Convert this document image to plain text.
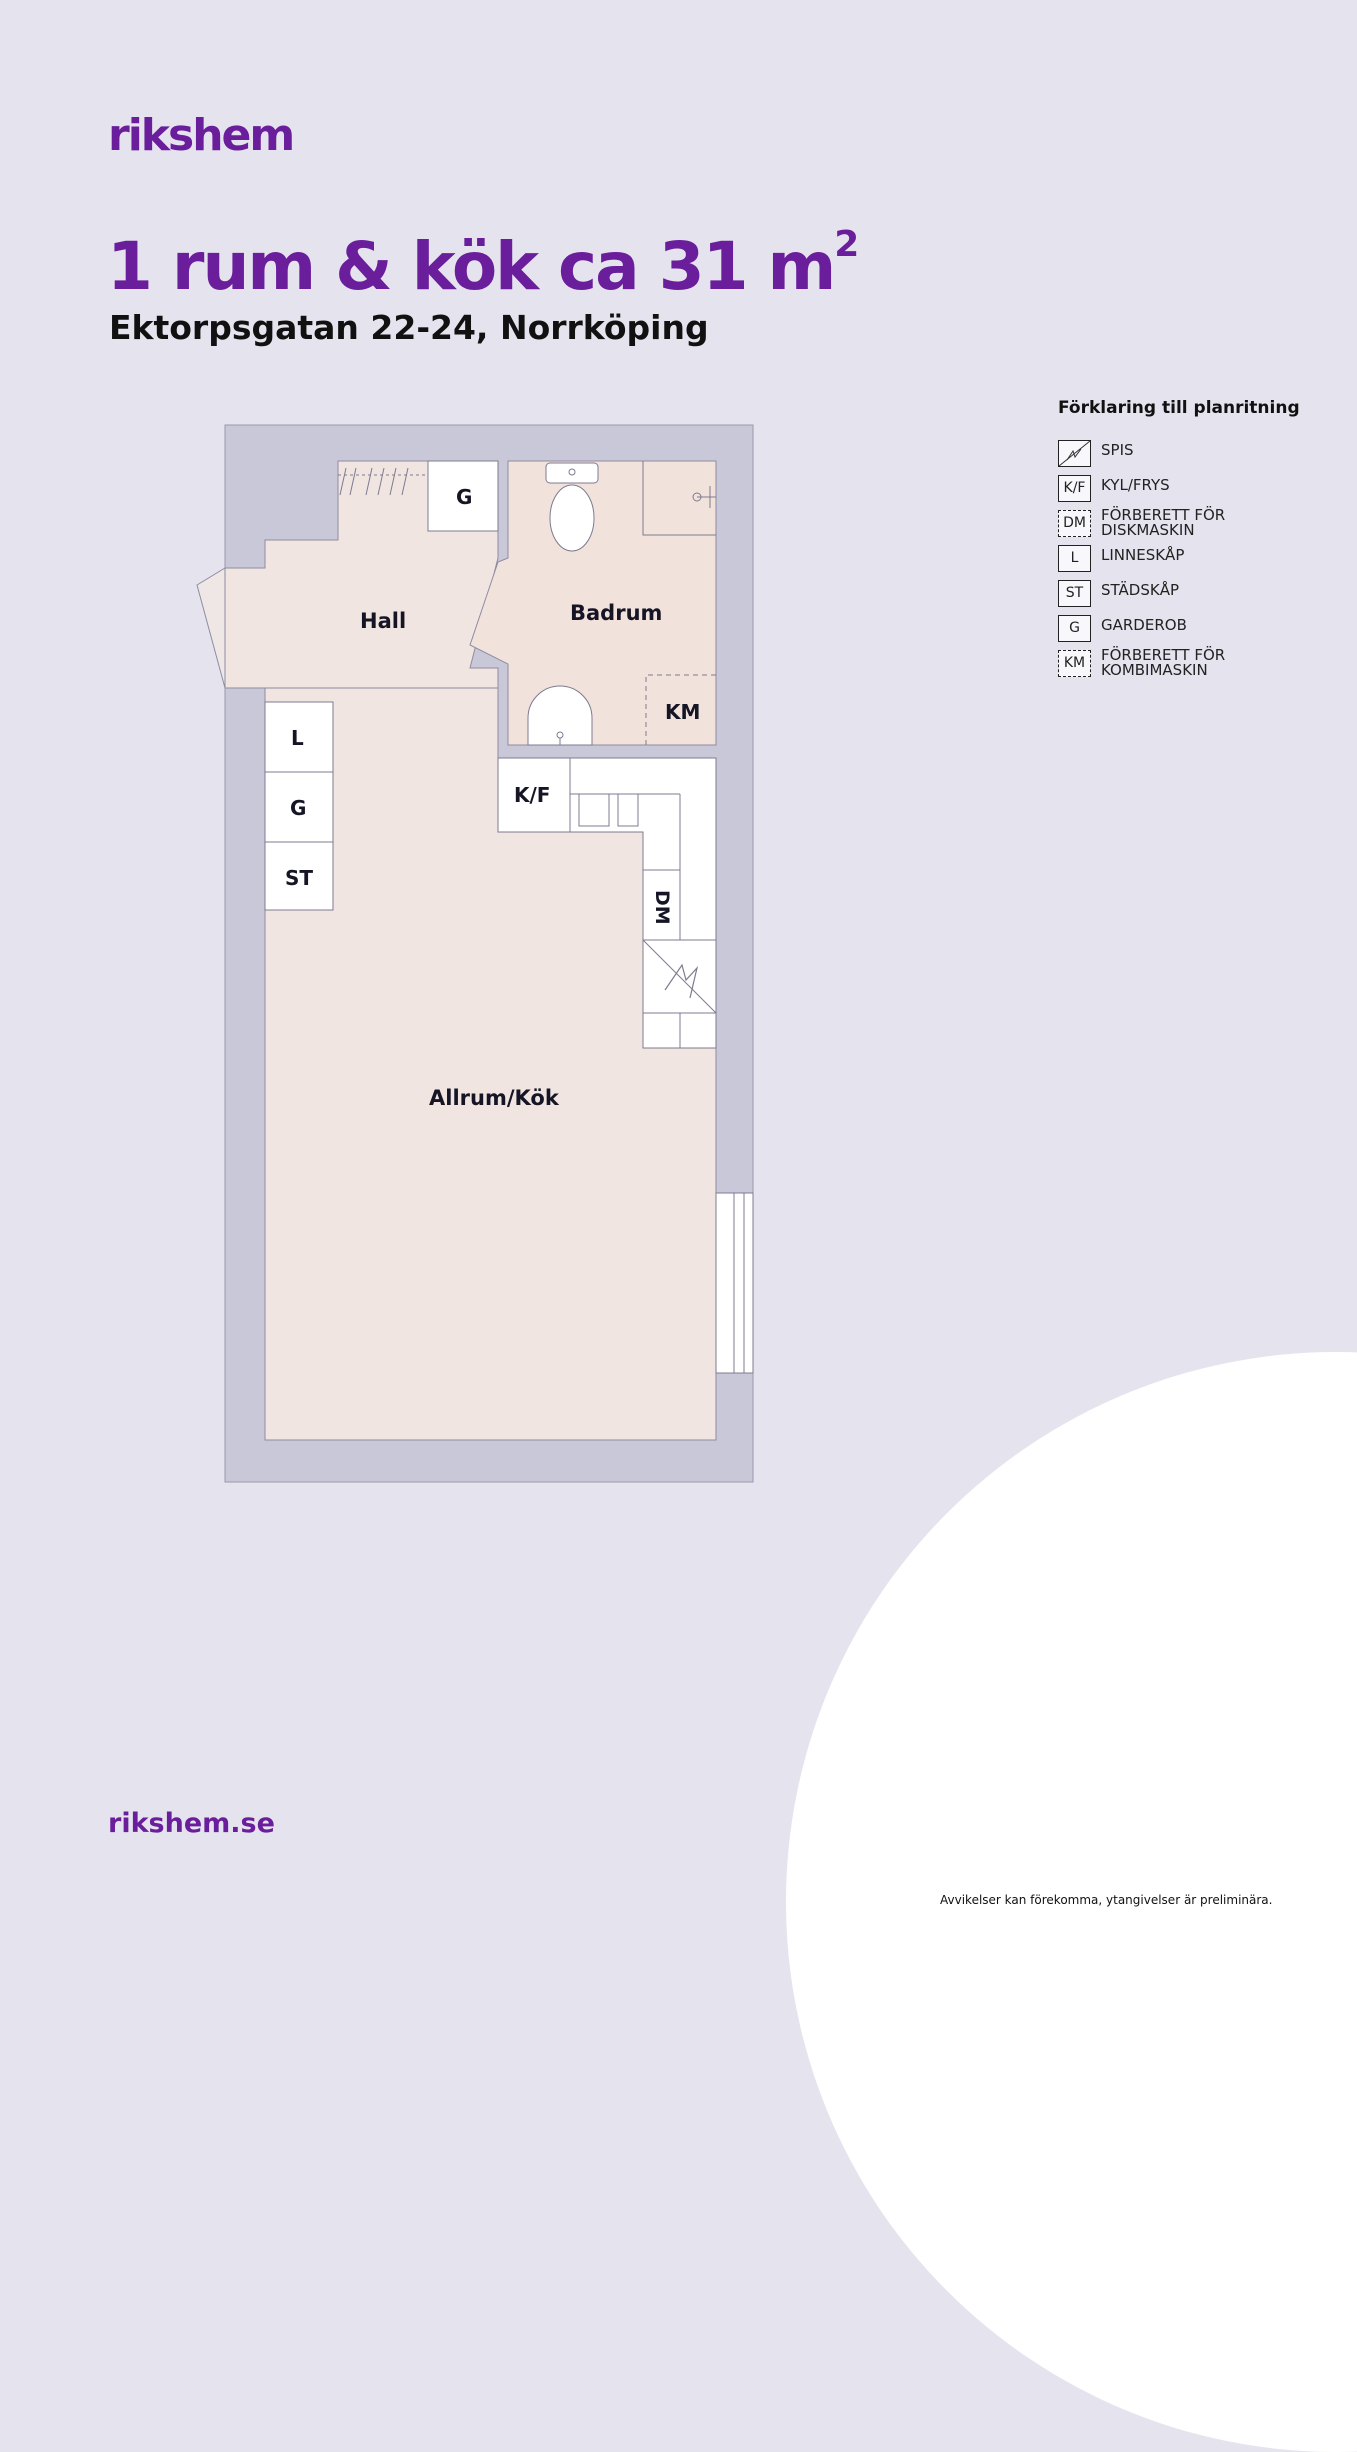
rikshem
1 rum & kök ca 31 $m^2$
Ektorpsgatan 22-24, Norrköping
Hall	Badrum
Allrum/Kök
G
L
G
ST
K/F
KM
DM
Förklaring till planritning
SPIS
K/F	KYL/FRYS
DM	FÖRBERETT FÖR DISKMASKIN
L	LINNESKÅP
ST	STÄDSKÅP
G	GARDEROB
KM	FÖRBERETT FÖR KOMBIMASKIN
rikshem.se
Avvikelser kan förekomma, ytangivelser är preliminära.
